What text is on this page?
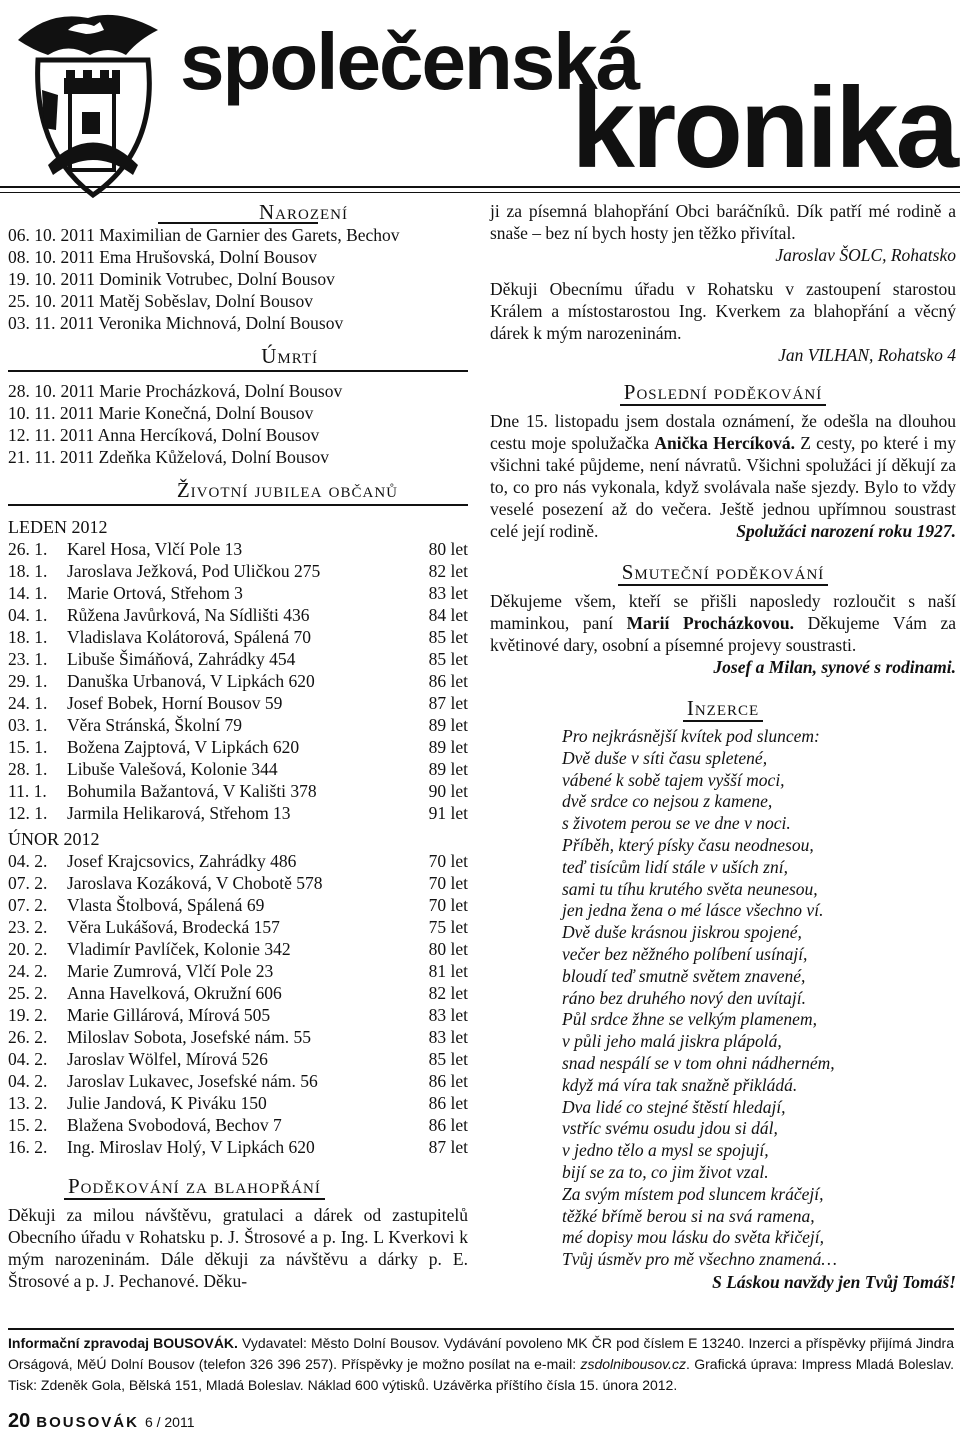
společenská
kronika
Narození
06. 10. 2011 Maximilian de Garnier des Garets, Bechov
08. 10. 2011 Ema Hrušovská, Dolní Bousov
19. 10. 2011 Dominik Votrubec, Dolní Bousov
25. 10. 2011 Matěj Soběslav, Dolní Bousov
03. 11. 2011 Veronika Michnová, Dolní Bousov
Úmrtí
28. 10. 2011 Marie Procházková, Dolní Bousov
10. 11. 2011 Marie Konečná, Dolní Bousov
12. 11. 2011 Anna Hercíková, Dolní Bousov
21. 11. 2011 Zdeňka Kůželová, Dolní Bousov
Životní jubilea občanů
LEDEN 2012
26. 1.	Karel Hosa, Vlčí Pole 13	80 let
18. 1.	Jaroslava Ježková, Pod Uličkou 275	82 let
14. 1.	Marie Ortová, Střehom 3	83 let
04. 1.	Růžena Javůrková, Na Sídlišti 436	84 let
18. 1.	Vladislava Kolátorová, Spálená 70	85 let
23. 1.	Libuše Šimáňová, Zahrádky 454	85 let
29. 1.	Danuška Urbanová, V Lipkách 620	86 let
24. 1.	Josef Bobek, Horní Bousov 59	87 let
03. 1.	Věra Stránská, Školní 79	89 let
15. 1.	Božena Zajptová, V Lipkách 620	89 let
28. 1.	Libuše Valešová, Kolonie 344	89 let
11. 1.	Bohumila Bažantová, V Kališti 378	90 let
12. 1.	Jarmila Helikarová, Střehom 13	91 let
ÚNOR 2012
04. 2.	Josef Krajcsovics, Zahrádky 486	70 let
07. 2.	Jaroslava Kozáková, V Chobotě 578	70 let
07. 2.	Vlasta Štolbová, Spálená 69	70 let
23. 2.	Věra Lukášová, Brodecká 157	75 let
20. 2.	Vladimír Pavlíček, Kolonie 342	80 let
24. 2.	Marie Zumrová, Vlčí Pole 23	81 let
25. 2.	Anna Havelková, Okružní 606	82 let
19. 2.	Marie Gillárová, Mírová 505	83 let
26. 2.	Miloslav Sobota, Josefské nám. 55	83 let
04. 2.	Jaroslav Wölfel, Mírová 526	85 let
04. 2.	Jaroslav Lukavec, Josefské nám. 56	86 let
13. 2.	Julie Jandová, K Piváku 150	86 let
15. 2.	Blažena Svobodová, Bechov 7	86 let
16. 2.	Ing. Miroslav Holý, V Lipkách 620	87 let
Poděkování za blahopřání
Děkuji za milou návštěvu, gratulaci a dárek od zastupitelů Obecního úřadu v Rohatsku p. J. Štrosové a p. Ing. L Kverkovi k mým narozeninám. Dále děkuji za návštěvu a dárky p. E. Štrosové a p. J. Pechanové. Děku-
ji za písemná blahopřání Obci baráčníků. Dík patří mé rodině a snaše – bez ní bych hosty jen těžko přivítal.
Jaroslav ŠOLC, Rohatsko
Děkuji Obecnímu úřadu v Rohatsku v zastoupení starostou Králem a místostarostou Ing. Kverkem za blahopřání a věcný dárek k mým narozeninám.
Jan VILHAN, Rohatsko 4
Poslední poděkování
Dne 15. listopadu jsem dostala oznámení, že odešla na dlouhou cestu moje spolužačka Anička Hercíková. Z cesty, po které i my všichni také půjdeme, není návratů. Všichni spolužáci jí děkují za to, co pro nás vykonala, když svolávala naše sjezdy. Bylo to vždy veselé posezení až do večera. Ještě jednou upřímnou soustrast celé její rodině.	Spolužáci narození roku 1927.
Smuteční poděkování
Děkujeme všem, kteří se přišli naposledy rozloučit s naší maminkou, paní Marií Procházkovou. Děkujeme Vám za květinové dary, osobní a písemné projevy soustrasti.
Josef a Milan, synové s rodinami.
Inzerce
Pro nejkrásnější kvítek pod sluncem:
Dvě duše v síti času spletené,
vábené k sobě tajem vyšší moci,
dvě srdce co nejsou z kamene,
s životem perou se ve dne v noci.
Příběh, který písky času neodnesou,
teď tisícům lidí stále v uších zní,
sami tu tíhu krutého světa neunesou,
jen jedna žena o mé lásce všechno ví.
Dvě duše krásnou jiskrou spojené,
večer bez něžného políbení usínají,
bloudí teď smutně světem znavené,
ráno bez druhého nový den uvítají.
Půl srdce žhne se velkým plamenem,
v půli jeho malá jiskra plápolá,
snad nespálí se v tom ohni nádherném,
když má víra tak snažně přikládá.
Dva lidé co stejné štěstí hledají,
vstříc svému osudu jdou si dál,
v jedno tělo a mysl se spojují,
bijí se za to, co jim život vzal.
Za svým místem pod sluncem kráčejí,
těžké břímě berou si na svá ramena,
mé dopisy mou lásku do světa křičejí,
Tvůj úsměv pro mě všechno znamená…
S Láskou navždy jen Tvůj Tomáš!
Informační zpravodaj BOUSOVÁK. Vydavatel: Město Dolní Bousov. Vydávání povoleno MK ČR pod číslem E 13240. Inzerci a příspěvky přijímá Jindra Orságová, MěÚ Dolní Bousov (telefon 326 396 257). Příspěvky je možno posílat na e-mail: zsdolnibousov.cz. Grafická úprava: Impress Mladá Boleslav. Tisk: Zdeněk Gola, Bělská 151, Mladá Boleslav. Náklad 600 výtisků. Uzávěrka příštího čísla 15. února 2012.
20 BOUSOVÁK 6 / 2011
